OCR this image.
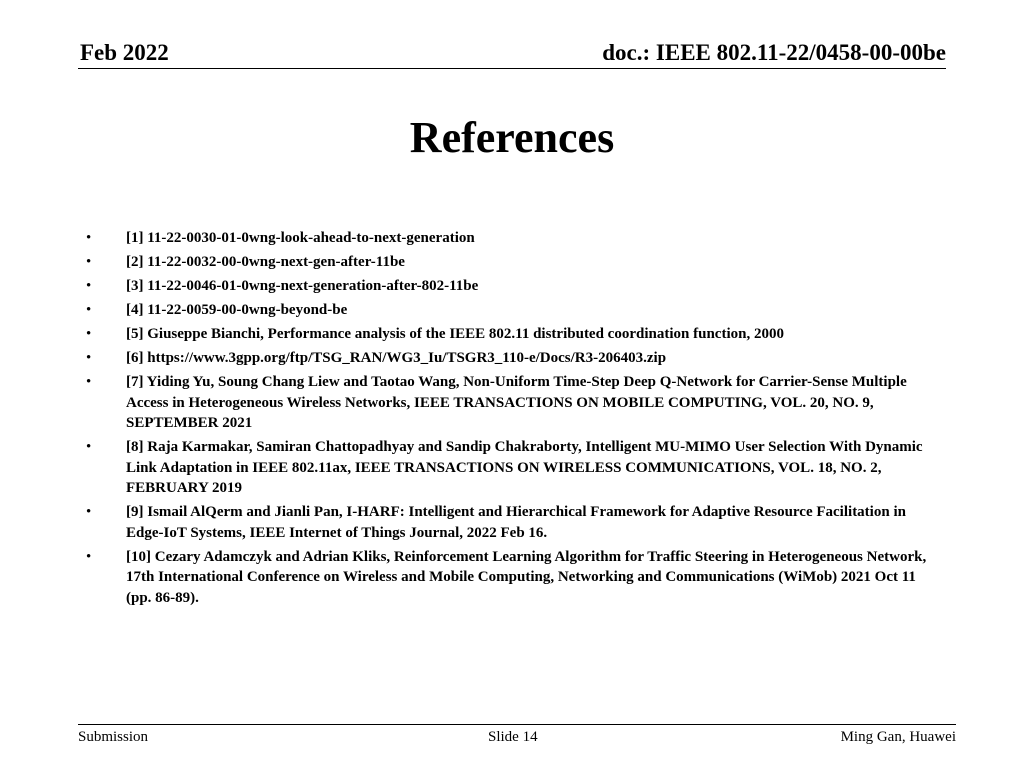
Feb 2022	doc.: IEEE 802.11-22/0458-00-00be
References
• [1] 11-22-0030-01-0wng-look-ahead-to-next-generation
• [2] 11-22-0032-00-0wng-next-gen-after-11be
• [3] 11-22-0046-01-0wng-next-generation-after-802-11be
• [4] 11-22-0059-00-0wng-beyond-be
• [5] Giuseppe Bianchi, Performance analysis of the IEEE 802.11 distributed coordination function, 2000
• [6] https://www.3gpp.org/ftp/TSG_RAN/WG3_Iu/TSGR3_110-e/Docs/R3-206403.zip
• [7] Yiding Yu, Soung Chang Liew and Taotao Wang, Non-Uniform Time-Step Deep Q-Network for Carrier-Sense Multiple Access in Heterogeneous Wireless Networks, IEEE TRANSACTIONS ON MOBILE COMPUTING, VOL. 20, NO. 9, SEPTEMBER 2021
• [8] Raja Karmakar, Samiran Chattopadhyay and Sandip Chakraborty, Intelligent MU-MIMO User Selection With Dynamic Link Adaptation in IEEE 802.11ax, IEEE TRANSACTIONS ON WIRELESS COMMUNICATIONS, VOL. 18, NO. 2, FEBRUARY 2019
• [9] Ismail AlQerm and Jianli Pan, I-HARF: Intelligent and Hierarchical Framework for Adaptive Resource Facilitation in Edge-IoT Systems, IEEE Internet of Things Journal, 2022 Feb 16.
• [10] Cezary Adamczyk and Adrian Kliks, Reinforcement Learning Algorithm for Traffic Steering in Heterogeneous Network, 17th International Conference on Wireless and Mobile Computing, Networking and Communications (WiMob) 2021 Oct 11 (pp. 86-89).
Submission	Slide 14	Ming Gan, Huawei
